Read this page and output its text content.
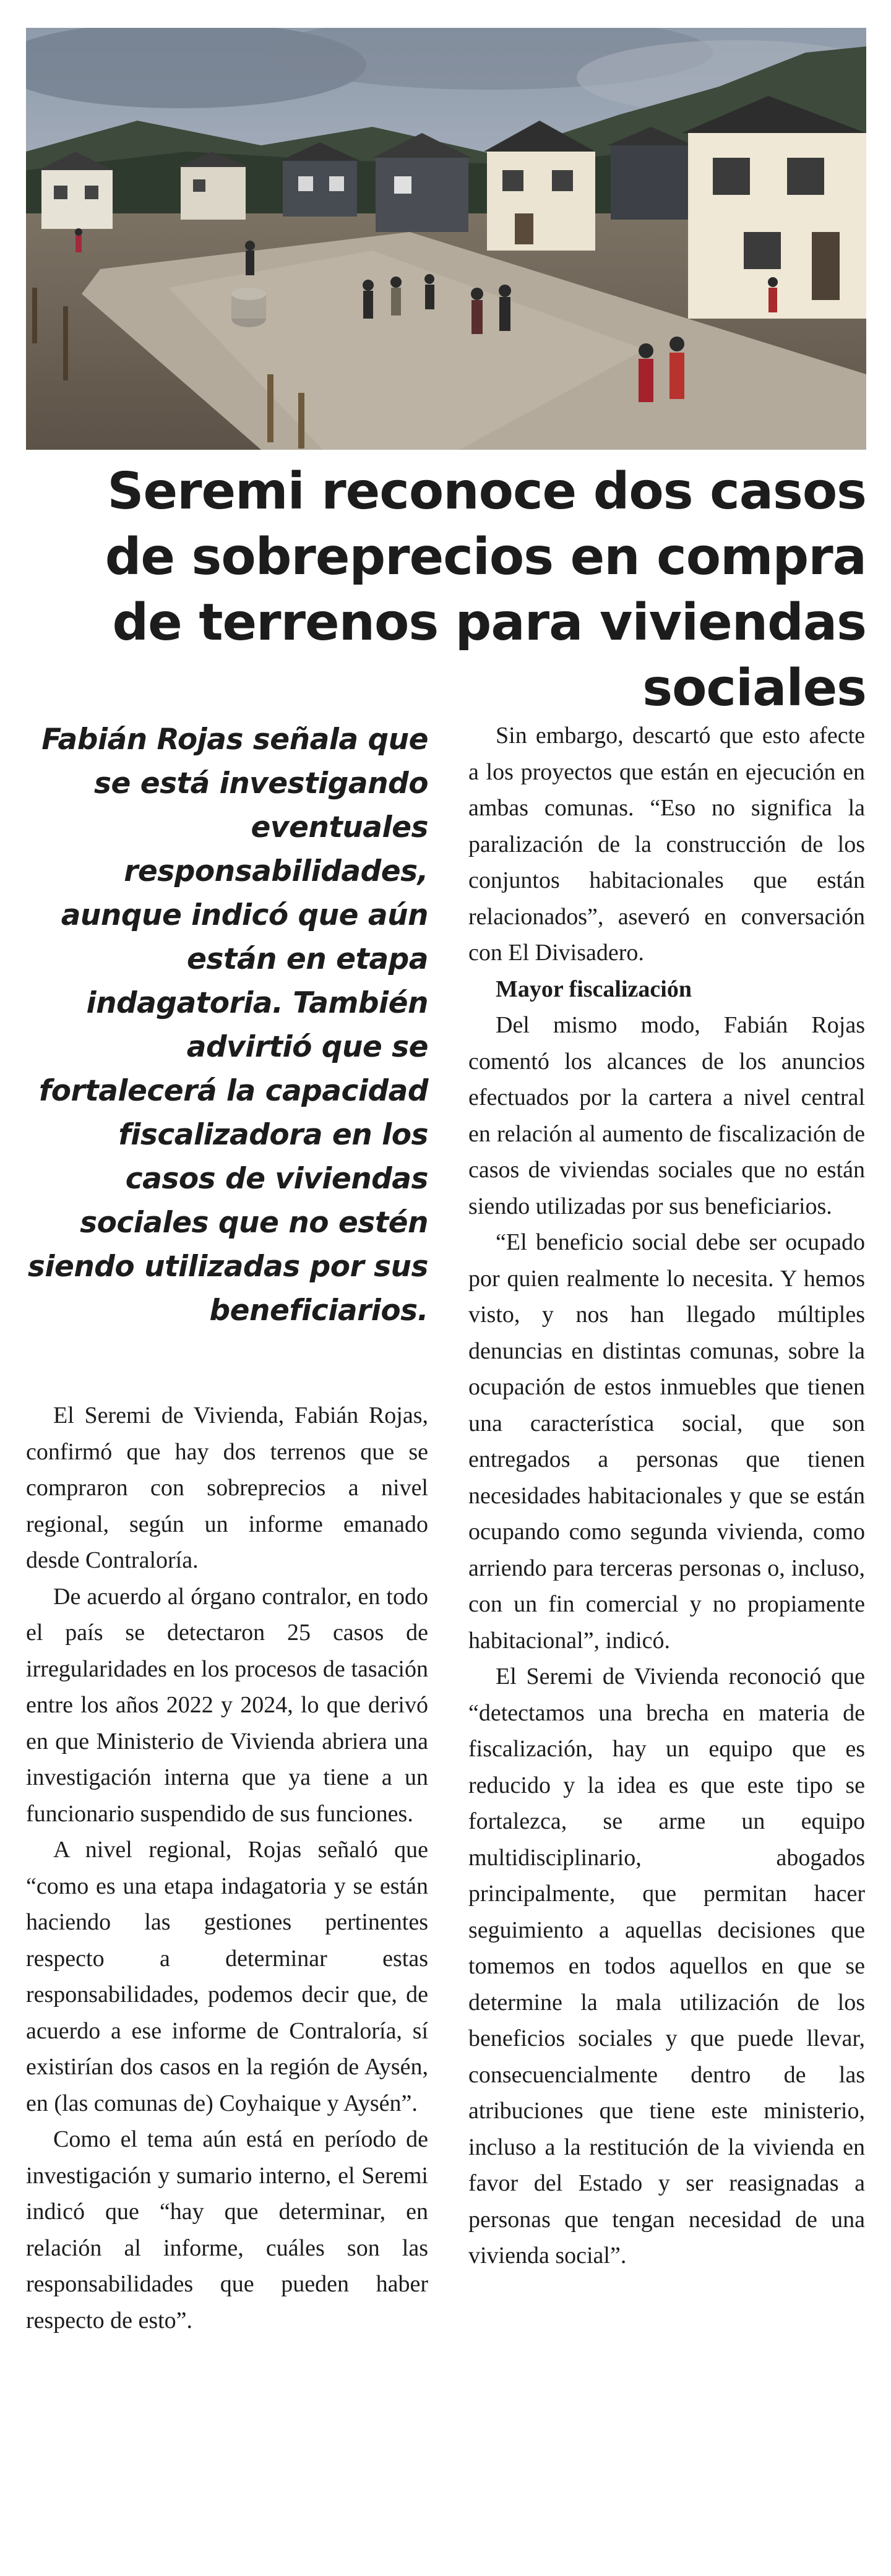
Seremi reconoce dos casos de sobreprecios en compra de terrenos para viviendas sociales

Fabián Rojas señala que se está investigando eventuales responsabilidades, aunque indicó que aún están en etapa indagatoria. También advirtió que se fortalecerá la capacidad fiscalizadora en los casos de viviendas sociales que no estén siendo utilizadas por sus beneficiarios.

El Seremi de Vivienda, Fabián Rojas, confirmó que hay dos terrenos que se compraron con sobreprecios a nivel regional, según un informe emanado desde Contraloría.

De acuerdo al órgano contralor, en todo el país se detectaron 25 casos de irregularidades en los procesos de tasación entre los años 2022 y 2024, lo que derivó en que Ministerio de Vivienda abriera una investigación interna que ya tiene a un funcionario suspendido de sus funciones.

A nivel regional, Rojas señaló que “como es una etapa indagatoria y se están haciendo las gestiones pertinentes respecto a determinar estas responsabilidades, podemos decir que, de acuerdo a ese informe de Contraloría, sí existirían dos casos en la región de Aysén, en (las comunas de) Coyhaique y Aysén”.

Como el tema aún está en período de investigación y sumario interno, el Seremi indicó que “hay que determinar, en relación al informe, cuáles son las responsabilidades que pueden haber respecto de esto”.

Sin embargo, descartó que esto afecte a los proyectos que están en ejecución en ambas comunas. “Eso no significa la paralización de la construcción de los conjuntos habitacionales que están relacionados”, aseveró en conversación con El Divisadero.

Mayor fiscalización

Del mismo modo, Fabián Rojas comentó los alcances de los anuncios efectuados por la cartera a nivel central en relación al aumento de fiscalización de casos de viviendas sociales que no están siendo utilizadas por sus beneficiarios.

“El beneficio social debe ser ocupado por quien realmente lo necesita. Y hemos visto, y nos han llegado múltiples denuncias en distintas comunas, sobre la ocupación de estos inmuebles que tienen una característica social, que son entregados a personas que tienen necesidades habitacionales y que se están ocupando como segunda vivienda, como arriendo para terceras personas o, incluso, con un fin comercial y no propiamente habitacional”, indicó.

El Seremi de Vivienda reconoció que “detectamos una brecha en materia de fiscalización, hay un equipo que es reducido y la idea es que este tipo se fortalezca, se arme un equipo multidisciplinario, abogados principalmente, que permitan hacer seguimiento a aquellas decisiones que tomemos en todos aquellos en que se determine la mala utilización de los beneficios sociales y que puede llevar, consecuencialmente dentro de las atribuciones que tiene este ministerio, incluso a la restitución de la vivienda en favor del Estado y ser reasignadas a personas que tengan necesidad de una vivienda social”.
